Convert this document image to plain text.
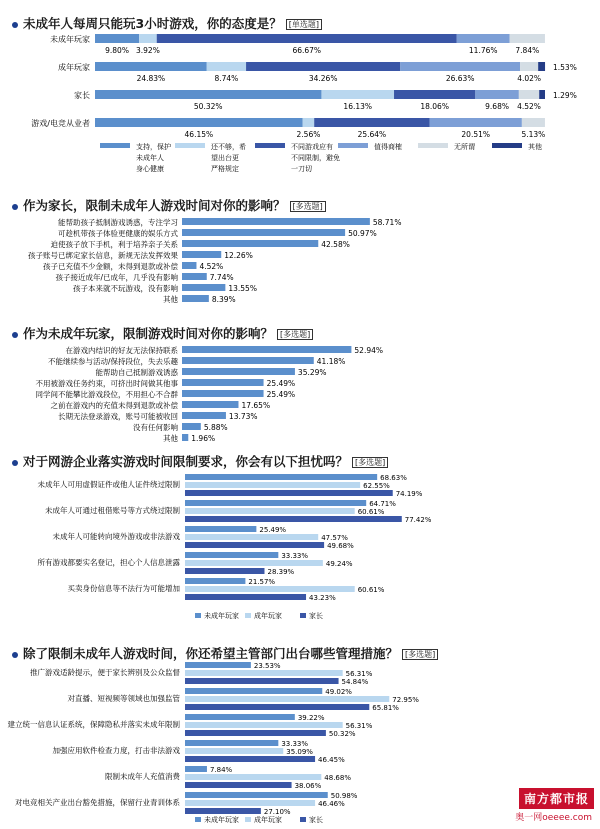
未成年人每周只能玩3小时游戏，你的态度是？ [单选题]
未成年玩家
9.80% 3.92%	66.67%	11.76% 7.84%
成年玩家
24.83%	8.74%	34.26%	26.63%	4.02%
1.53%
家长
50.32%	16.13%	18.06%	9.68% 4.52%
1.29%
游戏/电竞从业者
46.15%	2.56%	25.64%	20.51%	5.13%
支持，保护
未成年人
身心健康
还不够，希
望出台更
严格规定
不同游戏应有
不同限制，避免
一刀切
值得商榷	无所谓	其他
作为家长，限制未成年人游戏时间对你的影响？ [多选题]
能帮助孩子抵制游戏诱惑，专注学习	58.71%
可趁机带孩子体验更健康的娱乐方式	50.97%
迫使孩子放下手机，利于培养亲子关系	42.58%
孩子账号已绑定家长信息，新规无法发挥效果	12.26%
孩子已充值不少金额，未得到退款或补偿	4.52%
孩子接近成年/已成年，几乎没有影响	7.74%
孩子本来就不玩游戏，没有影响	13.55%
其他	8.39%
作为未成年玩家，限制游戏时间对你的影响？ [多选题]
在游戏内结识的好友无法保持联系	52.94%
不能继续参与活动/保持段位，失去乐趣	41.18%
能帮助自己抵制游戏诱惑	35.29%
不用被游戏任务约束，可挤出时间做其他事	25.49%
同学间不能攀比游戏段位，不用担心不合群	25.49%
之前在游戏内的充值未得到退款或补偿	17.65%
长期无法登录游戏，账号可能被收回	13.73%
没有任何影响	5.88%
其他 1.96%
对于网游企业落实游戏时间限制要求，你会有以下担忧吗？ [多选题]
未成年人可用虚假证件或他人证件绕过限制
68.63%
62.55%
74.19%
未成年人可通过租借账号等方式绕过限制
64.71%
60.61%
77.42%
未成年人可能转向境外游戏或非法游戏
25.49%
47.57%
49.68%
所有游戏都要实名登记，担心个人信息泄露
33.33%
49.24%
28.39%
买卖身份信息等不法行为可能增加
21.57%
60.61%
43.23%
未成年玩家 成年玩家	家长
除了限制未成年人游戏时间，你还希望主管部门出台哪些管理措施？ [多选题]
推广游戏适龄提示，便于家长辨别及公众监督
23.53%
56.31%
54.84%
对直播、短视频等领域也加强监管
49.02%
72.95%
65.81%
建立统一信息认证系统，保障隐私并落实未成年限制
39.22%
56.31%
50.32%
加强应用软件检查力度，打击非法游戏
33.33%
35.09%
46.45%
限制未成年人充值消费
7.84%
48.68%
38.06%
对电竞相关产业出台豁免措施，保留行业青训体系
50.98%
46.46%
27.10%
未成年玩家 成年玩家	家长
南方都市报
奥一网oeeee.com
